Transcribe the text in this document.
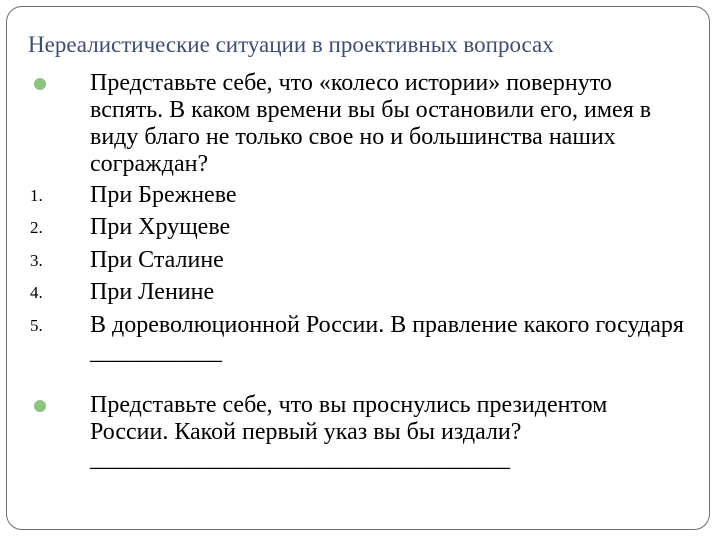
Нереалистические ситуации в проективных вопросах
Представьте себе, что «колесо истории» повернуто вспять. В каком времени вы бы остановили его, имея в виду благо не только свое но и большинства наших сограждан?
1.	При Брежневе
2.	При Хрущеве
3.	При Сталине
4.	При Ленине
5.	В дореволюционной России. В правление какого государя ___________
Представьте себе, что вы проснулись президентом России. Какой первый указ вы бы издали? ___________________________________
